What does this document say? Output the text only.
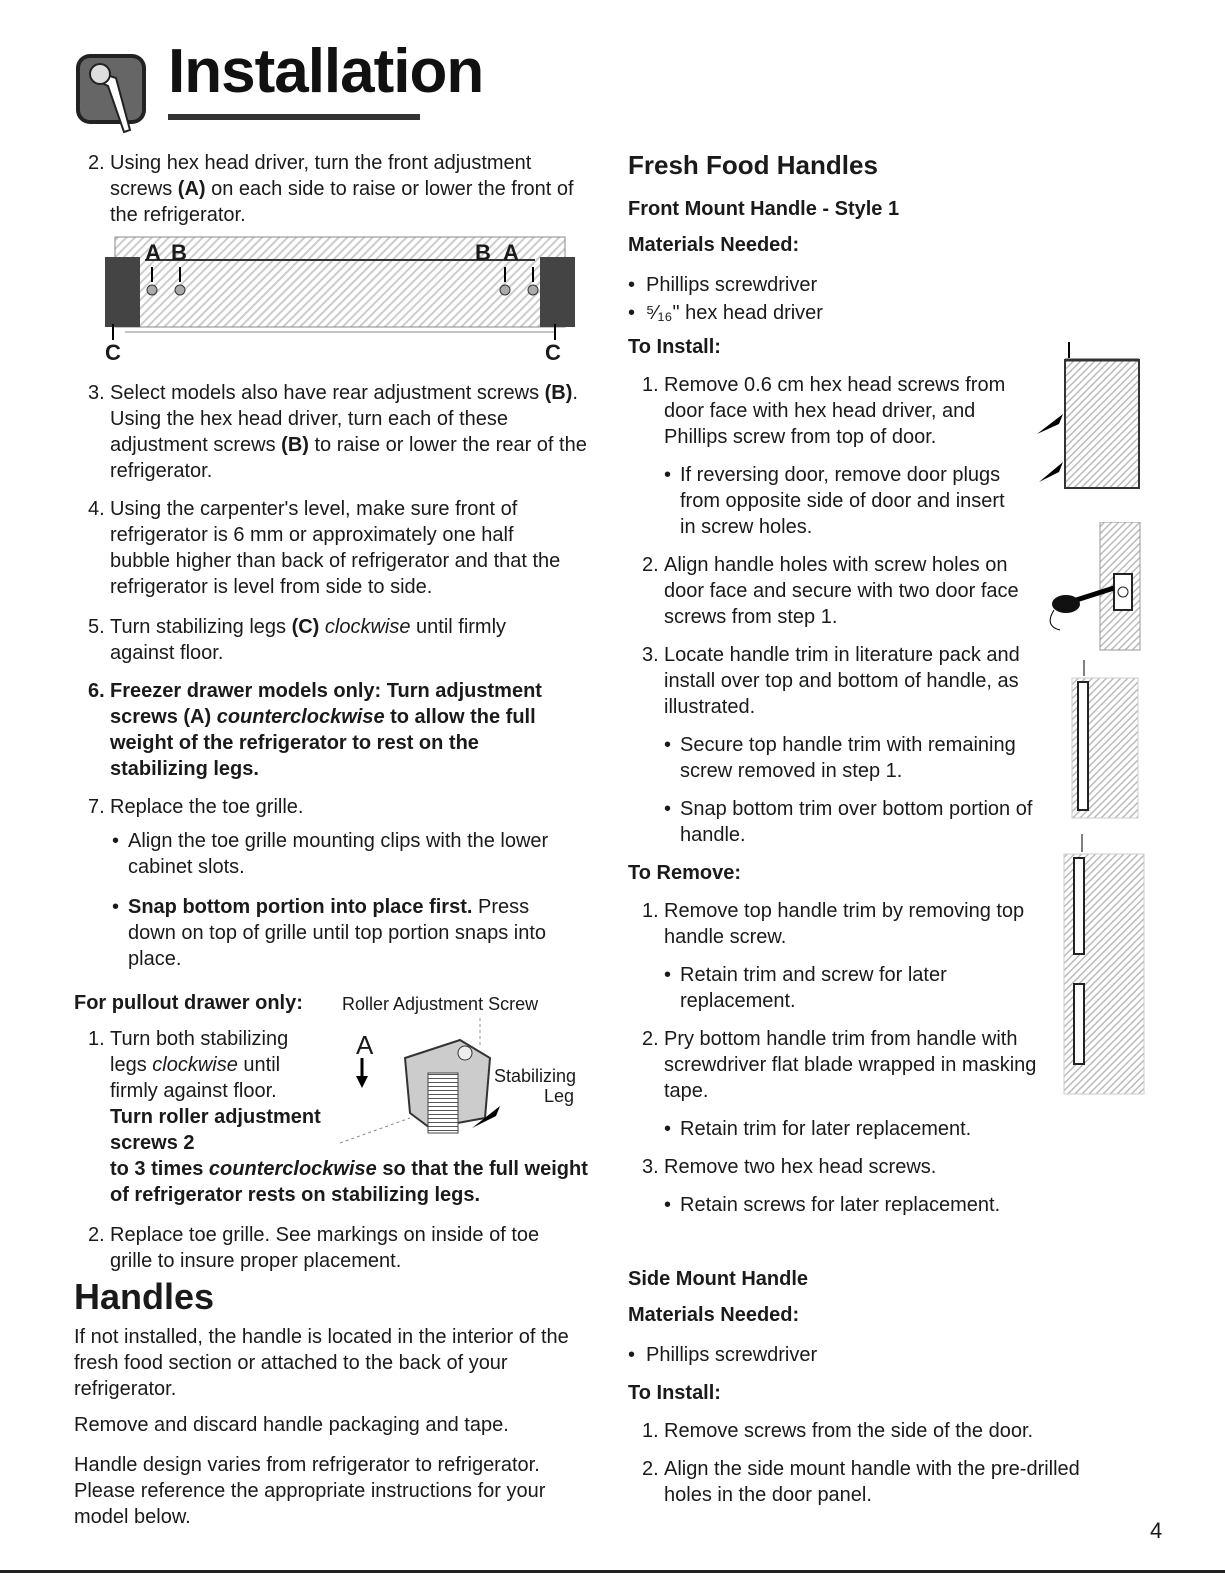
Installation
2. Using hex head driver, turn the front adjustment screws (A) on each side to raise or lower the front of the refrigerator.
A B	B A
C	C
3. Select models also have rear adjustment screws (B). Using the hex head driver, turn each of these adjustment screws (B) to raise or lower the rear of the refrigerator.
4. Using the carpenter's level, make sure front of refrigerator is 6 mm or approximately one half bubble higher than back of refrigerator and that the refrigerator is level from side to side.
5. Turn stabilizing legs (C) clockwise until firmly against floor.
6. Freezer drawer models only: Turn adjustment screws (A) counterclockwise to allow the full weight of the refrigerator to rest on the stabilizing legs.
7. Replace the toe grille.
• Align the toe grille mounting clips with the lower cabinet slots.
• Snap bottom portion into place first. Press down on top of grille until top portion snaps into place.
For pullout drawer only: Roller Adjustment Screw
A
Stabilizing Leg
1. Turn both stabilizing legs clockwise until firmly against floor.
Turn roller adjustment screws 2
to 3 times counterclockwise so that the full weight of refrigerator rests on stabilizing legs.
2. Replace toe grille. See markings on inside of toe grille to insure proper placement.
Handles
If not installed, the handle is located in the interior of the fresh food section or attached to the back of your refrigerator.
Remove and discard handle packaging and tape.
Handle design varies from refrigerator to refrigerator. Please reference the appropriate instructions for your model below.
Fresh Food Handles
Front Mount Handle - Style 1
Materials Needed:
• Phillips screwdriver
• ⁵⁄₁₆" hex head driver
To Install:
1. Remove 0.6 cm hex head screws from door face with hex head driver, and Phillips screw from top of door.
• If reversing door, remove door plugs from opposite side of door and insert in screw holes.
2. Align handle holes with screw holes on door face and secure with two door face screws from step 1.
3. Locate handle trim in literature pack and install over top and bottom of handle, as illustrated.
• Secure top handle trim with remaining screw removed in step 1.
• Snap bottom trim over bottom portion of handle.
To Remove:
1. Remove top handle trim by removing top handle screw.
• Retain trim and screw for later replacement.
2. Pry bottom handle trim from handle with screwdriver flat blade wrapped in masking tape.
• Retain trim for later replacement.
3. Remove two hex head screws.
• Retain screws for later replacement.
Side Mount Handle
Materials Needed:
• Phillips screwdriver
To Install:
1. Remove screws from the side of the door.
2. Align the side mount handle with the pre-drilled holes in the door panel.
4
